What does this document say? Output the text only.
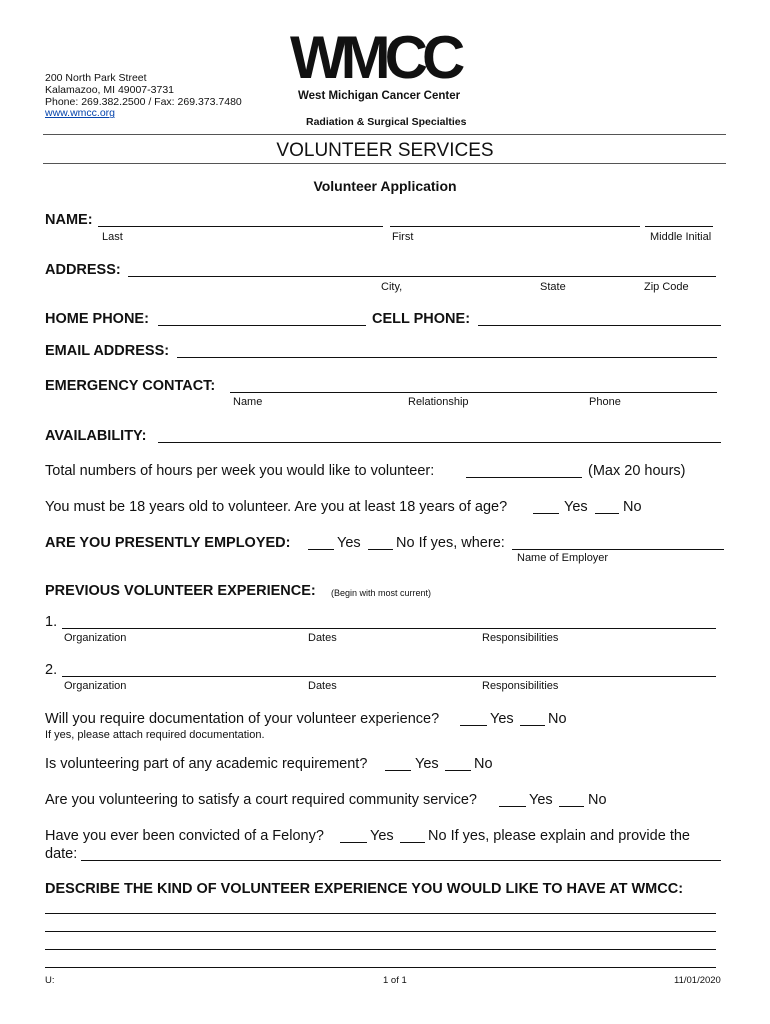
200 North Park Street
Kalamazoo, MI 49007-3731
Phone: 269.382.2500 / Fax: 269.373.7480
www.wmcc.org
WMCC
West Michigan Cancer Center
Radiation & Surgical Specialties
VOLUNTEER SERVICES
Volunteer Application
NAME:
Last	First	Middle Initial
ADDRESS:
City,	State	Zip Code
HOME PHONE:	CELL PHONE:
EMAIL ADDRESS:
EMERGENCY CONTACT:
Name	Relationship	Phone
AVAILABILITY:
Total numbers of hours per week you would like to volunteer:	(Max 20 hours)
You must be 18 years old to volunteer. Are you at least 18 years of age?	Yes No
ARE YOU PRESENTLY EMPLOYED:	Yes No If yes, where:
Name of Employer
PREVIOUS VOLUNTEER EXPERIENCE: (Begin with most current)
1.
Organization	Dates	Responsibilities
2.
Organization	Dates	Responsibilities
Will you require documentation of your volunteer experience?	Yes No
If yes, please attach required documentation.
Is volunteering part of any academic requirement?	Yes No
Are you volunteering to satisfy a court required community service?	Yes No
Have you ever been convicted of a Felony?	Yes No If yes, please explain and provide the
date:
DESCRIBE THE KIND OF VOLUNTEER EXPERIENCE YOU WOULD LIKE TO HAVE AT WMCC:
U:	1 of 1	11/01/2020
